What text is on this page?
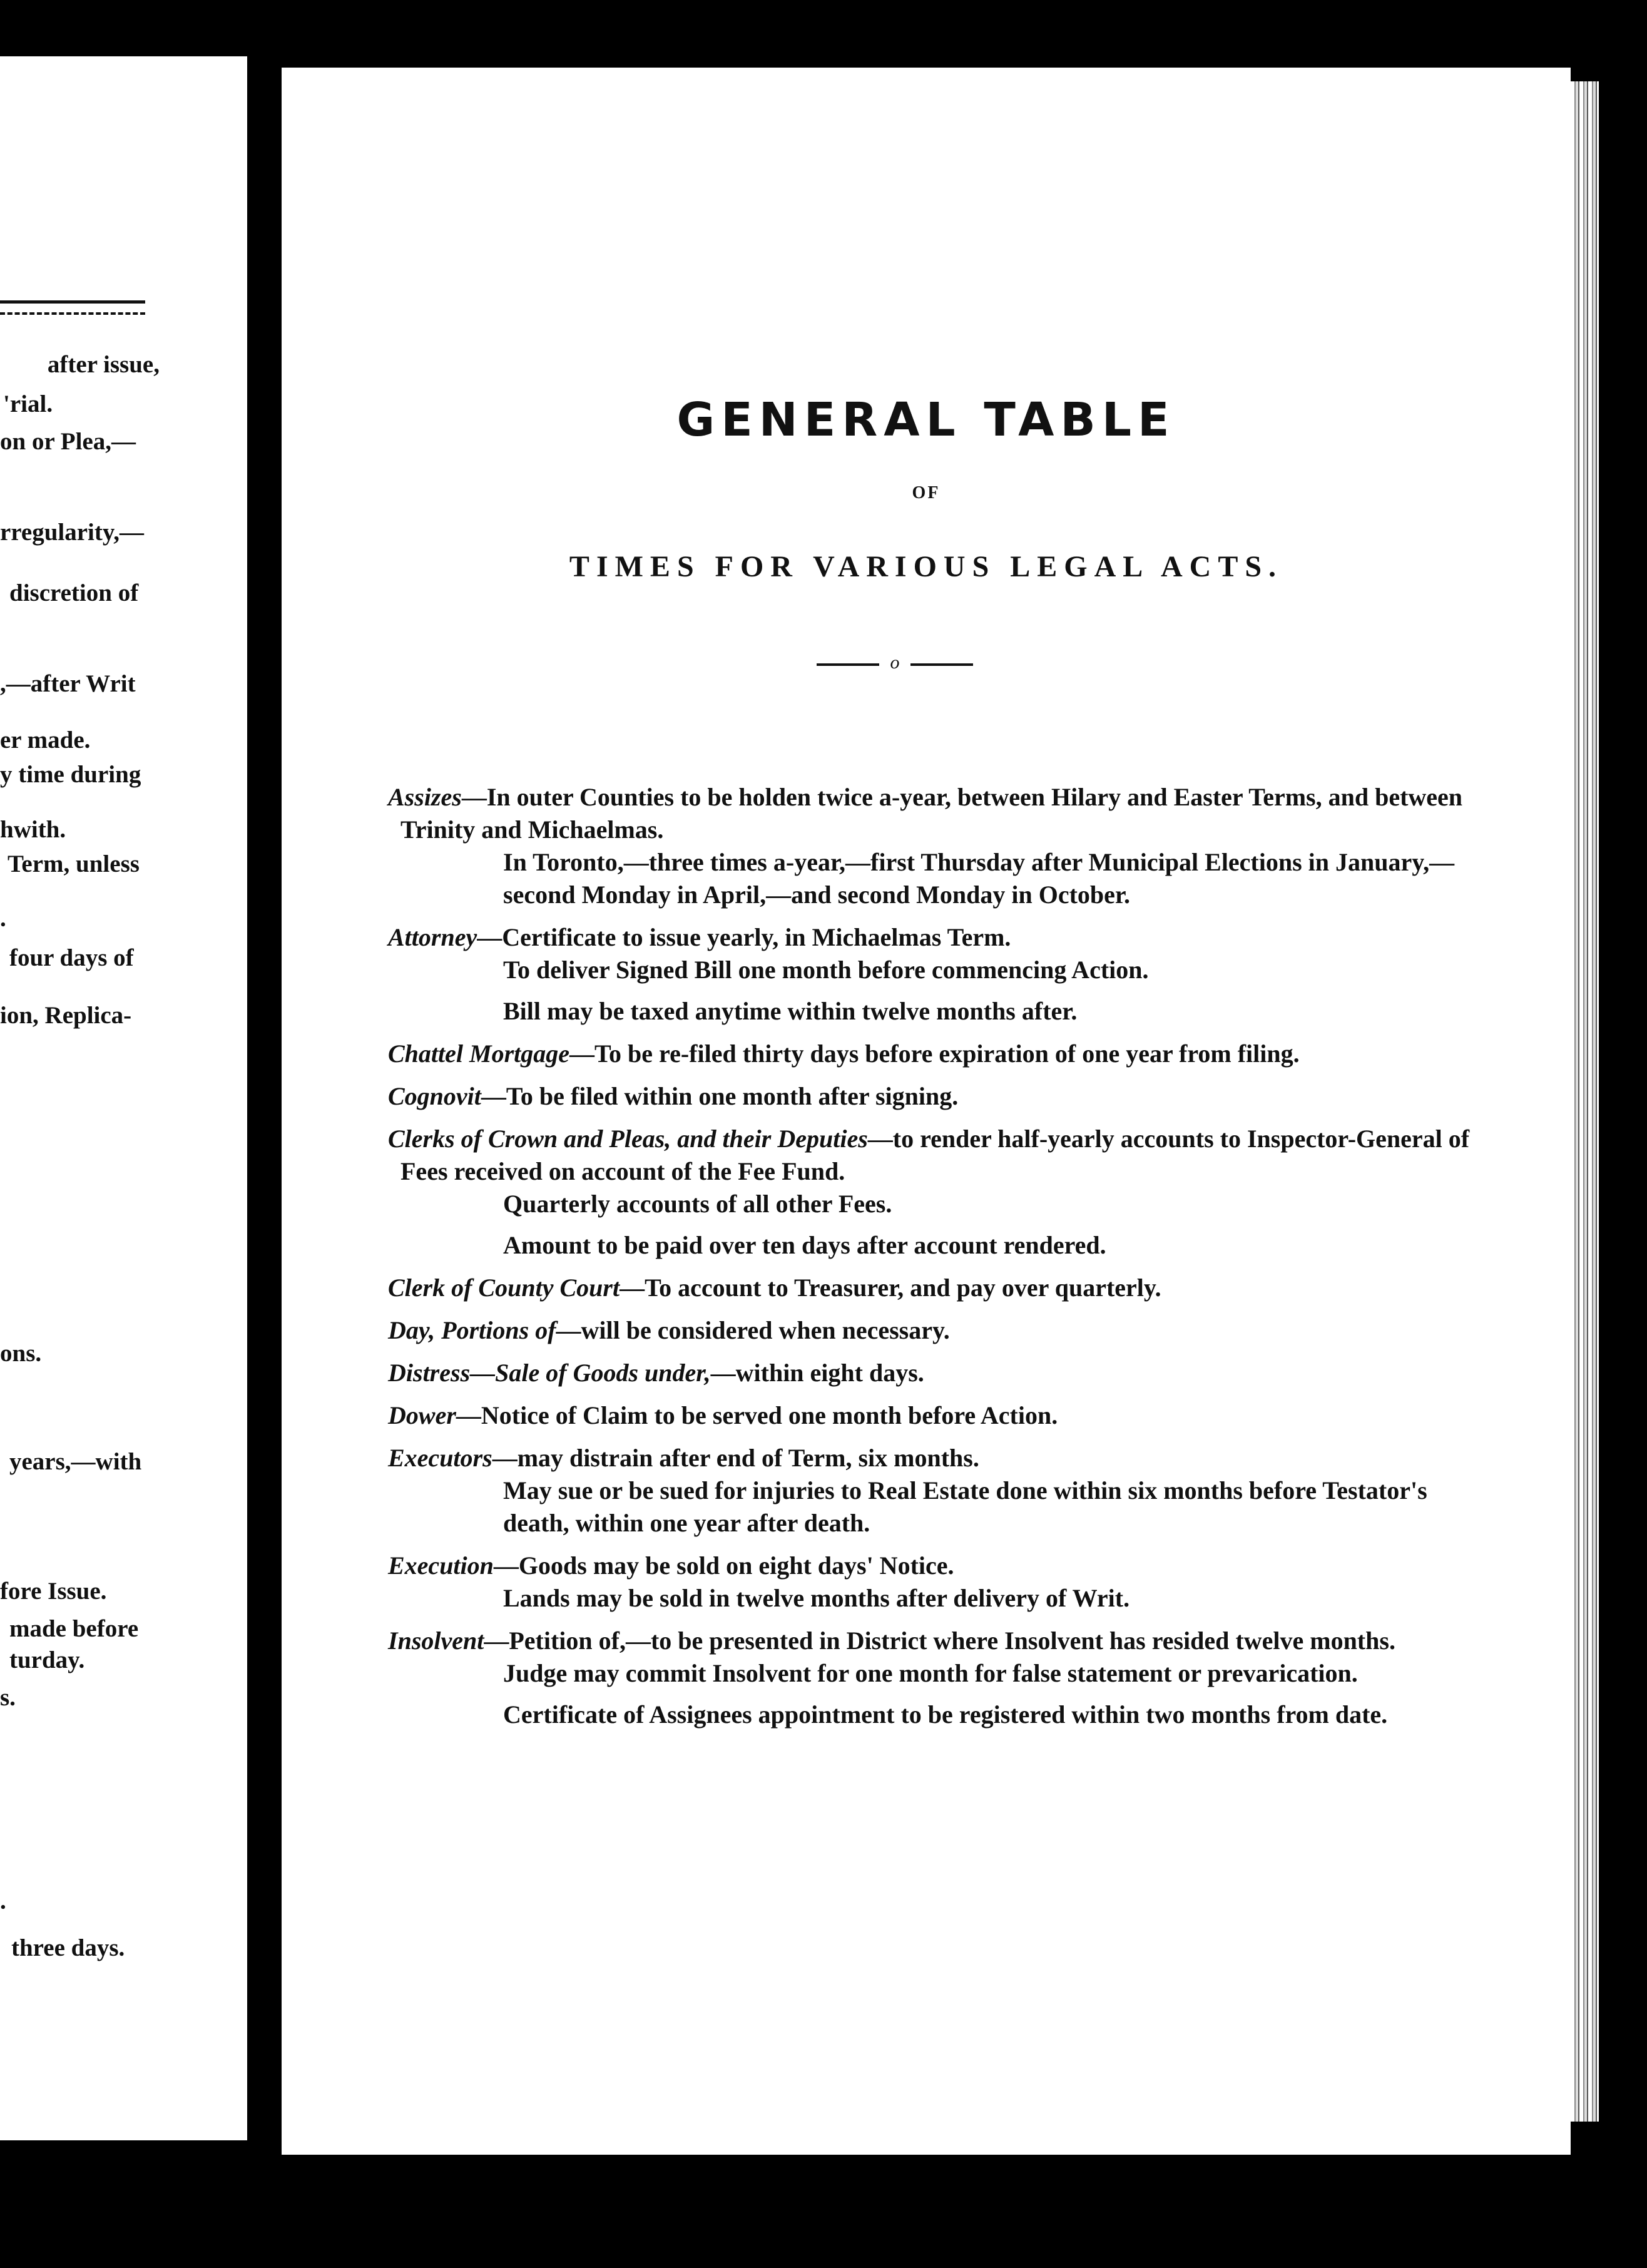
after issue,
'rial.
on or Plea,—
rregularity,—
discretion of
,—after Writ
er made.
y time during
hwith.
Term, unless
.
four days of
ion, Replica-
ons.
years,—with
fore Issue.
made before
turday.
s.
.
three days.
GENERAL TABLE
OF
TIMES FOR VARIOUS LEGAL ACTS.
o
Assizes—In outer Counties to be holden twice a-year, between Hilary and Easter Terms, and between Trinity and Michaelmas.
In Toronto,—three times a-year,—first Thursday after Municipal Elections in January,—second Monday in April,—and second Monday in October.
Attorney—Certificate to issue yearly, in Michaelmas Term.
To deliver Signed Bill one month before commencing Action.
Bill may be taxed anytime within twelve months after.
Chattel Mortgage—To be re-filed thirty days before expiration of one year from filing.
Cognovit—To be filed within one month after signing.
Clerks of Crown and Pleas, and their Deputies—to render half-yearly accounts to Inspector-General of Fees received on account of the Fee Fund.
Quarterly accounts of all other Fees.
Amount to be paid over ten days after account rendered.
Clerk of County Court—To account to Treasurer, and pay over quarterly.
Day, Portions of—will be considered when necessary.
Distress—Sale of Goods under,—within eight days.
Dower—Notice of Claim to be served one month before Action.
Executors—may distrain after end of Term, six months.
May sue or be sued for injuries to Real Estate done within six months before Testator's death, within one year after death.
Execution—Goods may be sold on eight days' Notice.
Lands may be sold in twelve months after delivery of Writ.
Insolvent—Petition of,—to be presented in District where Insolvent has resided twelve months.
Judge may commit Insolvent for one month for false statement or prevarication.
Certificate of Assignees appointment to be registered within two months from date.
